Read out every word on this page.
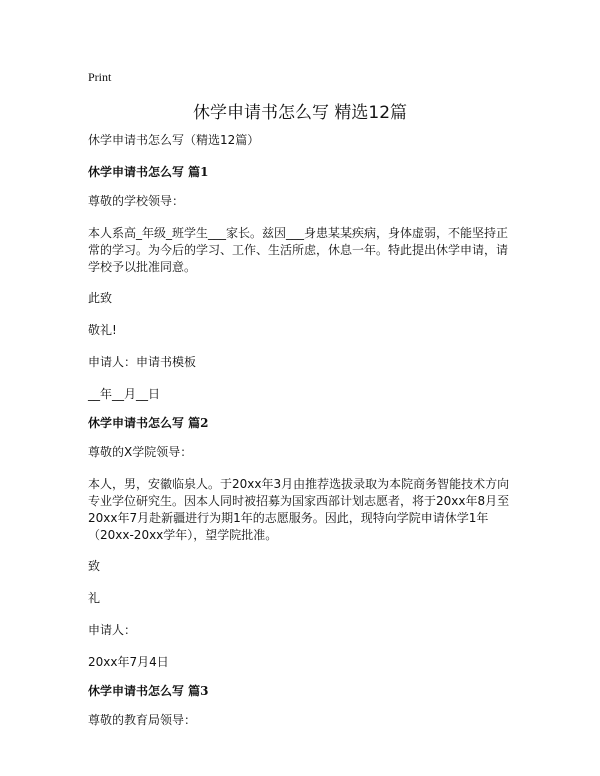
Print
休学申请书怎么写 精选12篇
休学申请书怎么写（精选12篇）
休学申请书怎么写 篇1
尊敬的学校领导：
本人系高_年级_班学生___家长。兹因___身患某某疾病，身体虚弱，不能坚持正常的学习。为今后的学习、工作、生活所虑，休息一年。特此提出休学申请，请学校予以批准同意。
此致
敬礼!
申请人：申请书模板
__年__月__日
休学申请书怎么写 篇2
尊敬的X学院领导：
本人，男，安徽临泉人。于20xx年3月由推荐选拔录取为本院商务智能技术方向专业学位研究生。因本人同时被招募为国家西部计划志愿者，将于20xx年8月至20xx年7月赴新疆进行为期1年的志愿服务。因此，现特向学院申请休学1年（20xx-20xx学年），望学院批准。
致
礼
申请人：
20xx年7月4日
休学申请书怎么写 篇3
尊敬的教育局领导：
